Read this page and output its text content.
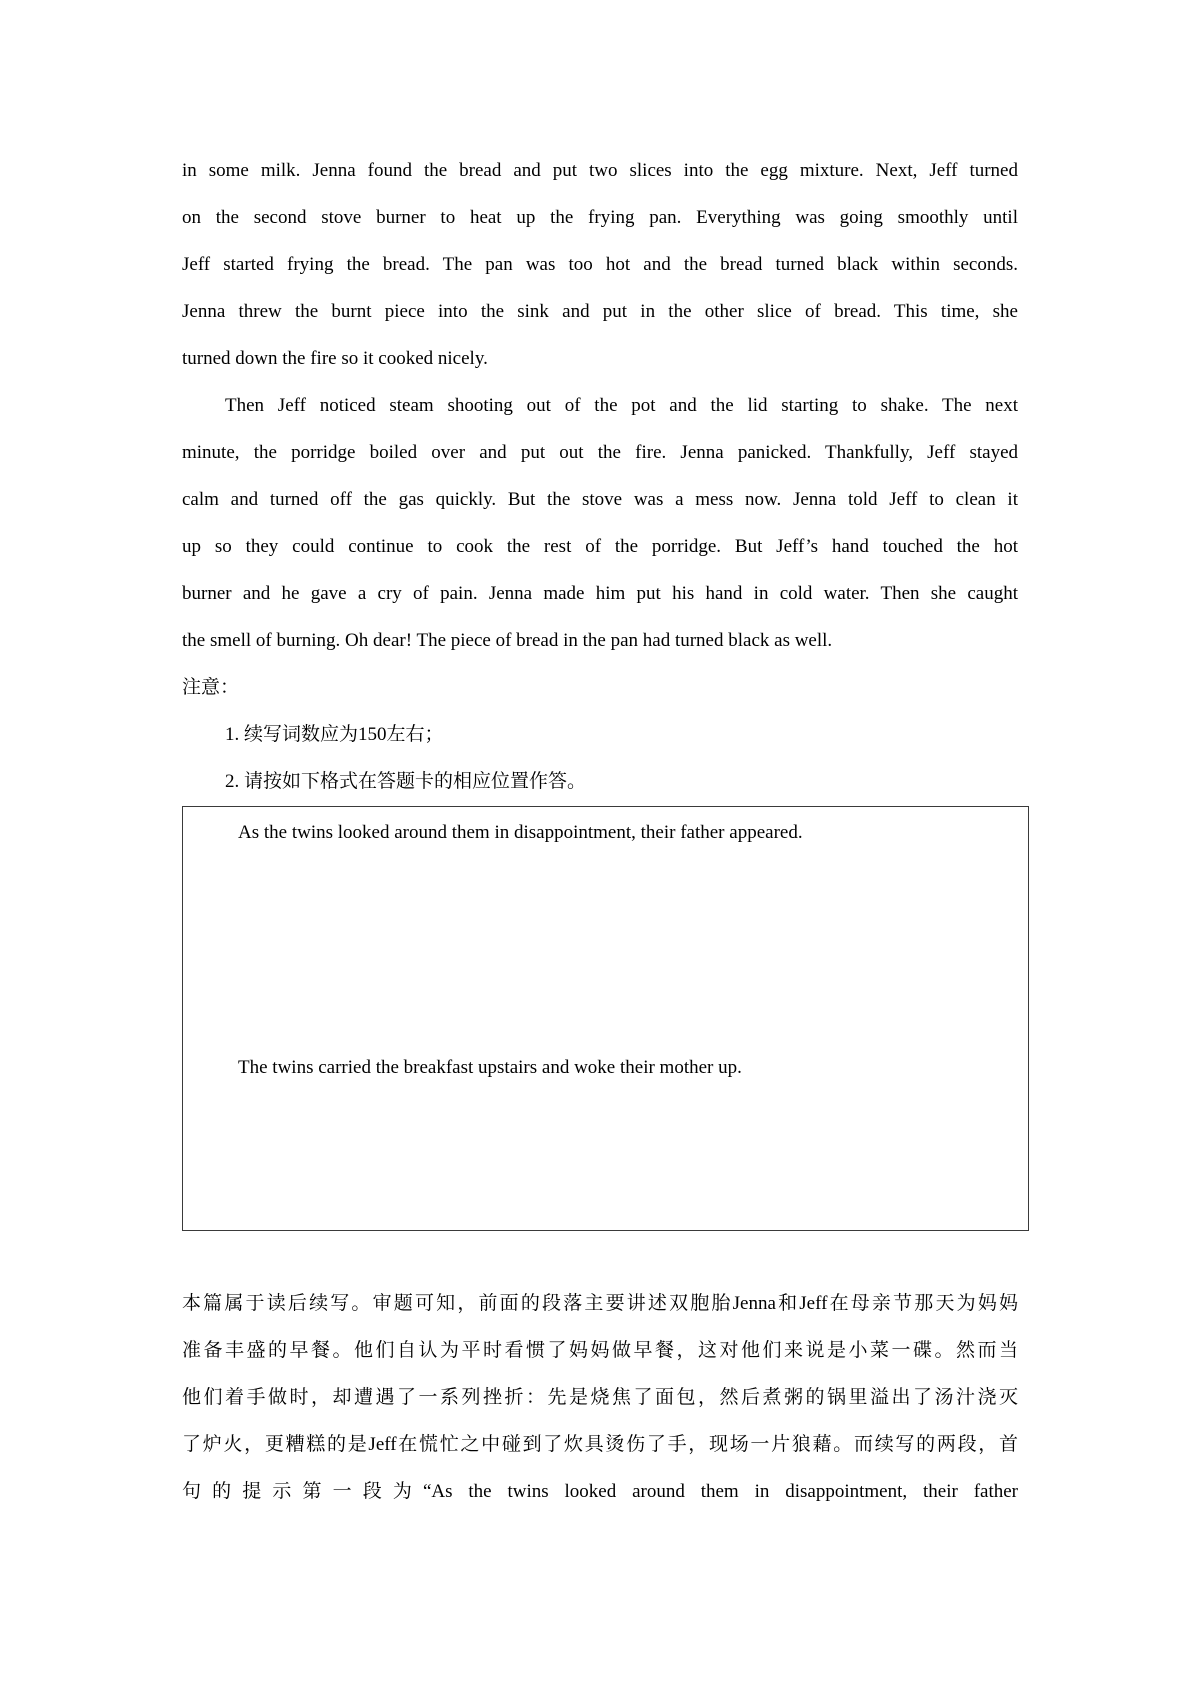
in some milk. Jenna found the bread and put two slices into the egg mixture. Next, Jeff turned
on the second stove burner to heat up the frying pan. Everything was going smoothly until
Jeff started frying the bread. The pan was too hot and the bread turned black within seconds.
Jenna threw the burnt piece into the sink and put in the other slice of bread. This time, she
turned down the fire so it cooked nicely.
Then Jeff noticed steam shooting out of the pot and the lid starting to shake. The next
minute, the porridge boiled over and put out the fire. Jenna panicked. Thankfully, Jeff stayed
calm and turned off the gas quickly. But the stove was a mess now. Jenna told Jeff to clean it
up so they could continue to cook the rest of the porridge. But Jeff’s hand touched the hot
burner and he gave a cry of pain. Jenna made him put his hand in cold water. Then she caught
the smell of burning. Oh dear! The piece of bread in the pan had turned black as well.
注意：
1. 续写词数应为150左右；
2. 请按如下格式在答题卡的相应位置作答。
As the twins looked around them in disappointment, their father appeared.
The twins carried the breakfast upstairs and woke their mother up.
本篇属于读后续写。审题可知，前面的段落主要讲述双胞胎Jenna和Jeff在母亲节那天为妈妈
准备丰盛的早餐。他们自认为平时看惯了妈妈做早餐，这对他们来说是小菜一碟。然而当
他们着手做时，却遭遇了一系列挫折：先是烧焦了面包，然后煮粥的锅里溢出了汤汁浇灭
了炉火，更糟糕的是Jeff在慌忙之中碰到了炊具烫伤了手，现场一片狼藉。而续写的两段，首
句的提示第一段为“As the twins looked around them in disappointment, their father
